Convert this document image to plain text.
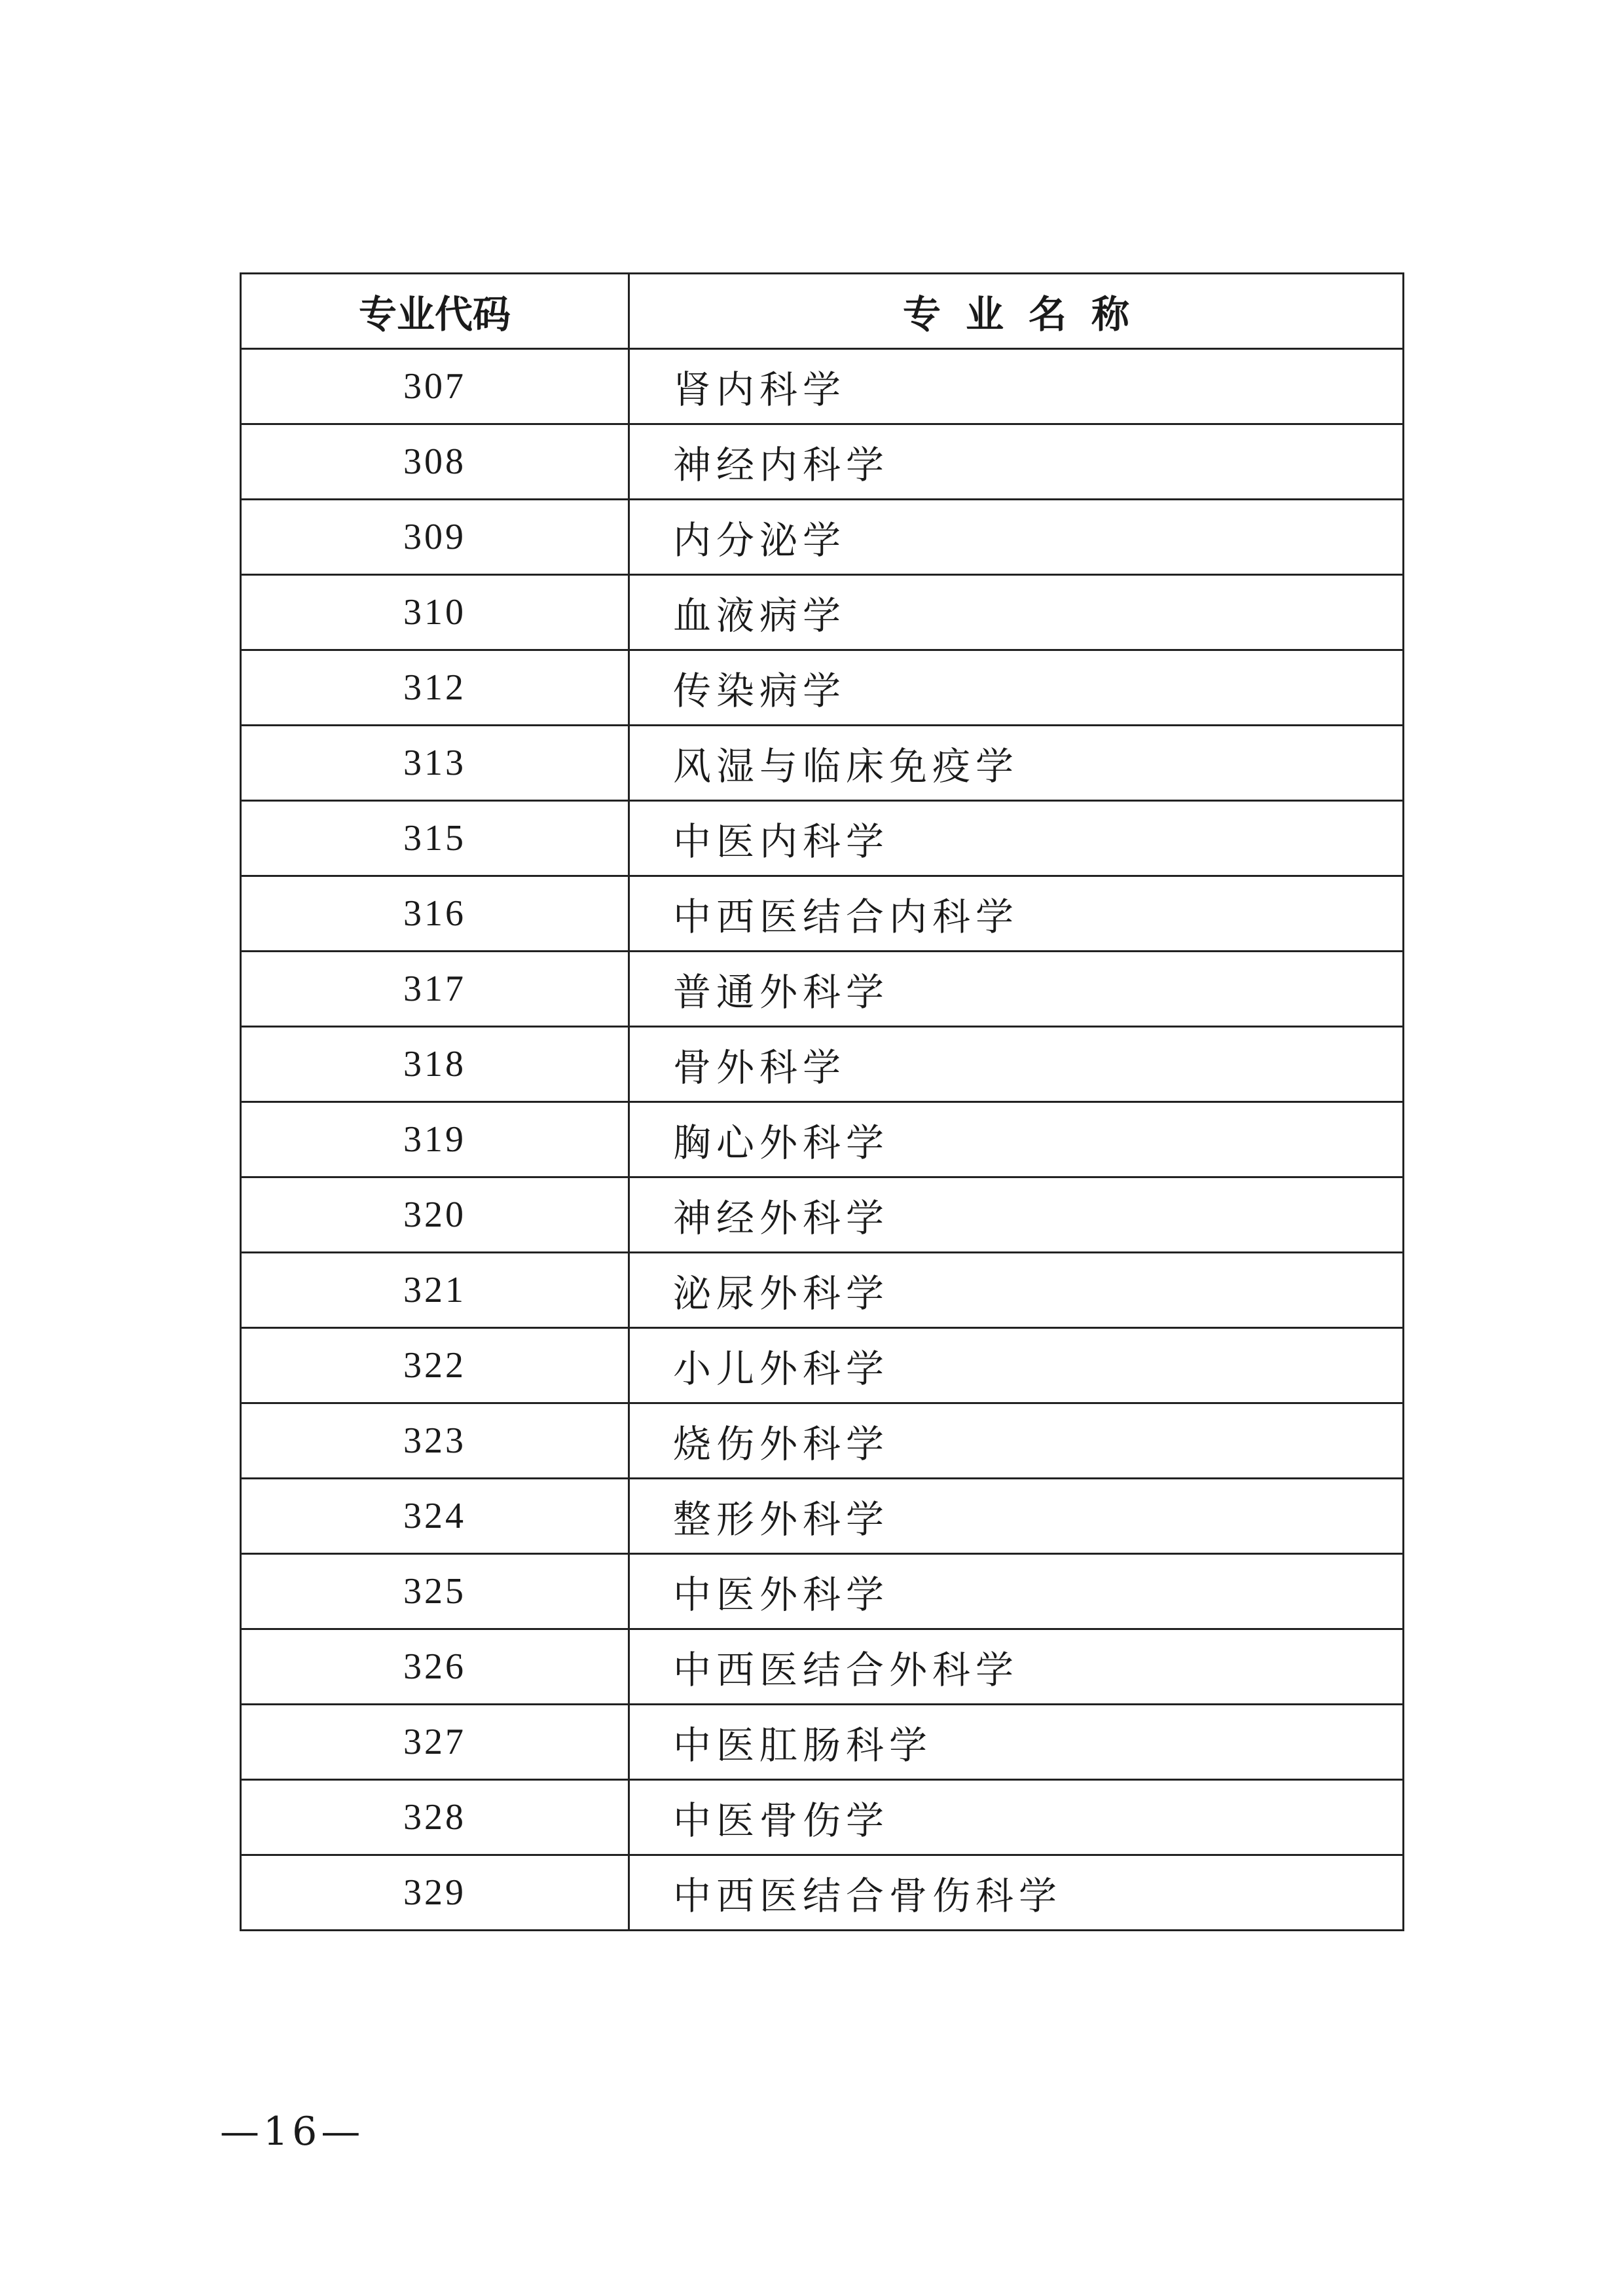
专业代码	专业名称
307	肾内科学
308	神经内科学
309	内分泌学
310	血液病学
312	传染病学
313	风湿与临床免疫学
315	中医内科学
316	中西医结合内科学
317	普通外科学
318	骨外科学
319	胸心外科学
320	神经外科学
321	泌尿外科学
322	小儿外科学
323	烧伤外科学
324	整形外科学
325	中医外科学
326	中西医结合外科学
327	中医肛肠科学
328	中医骨伤学
329	中西医结合骨伤科学
—16—
